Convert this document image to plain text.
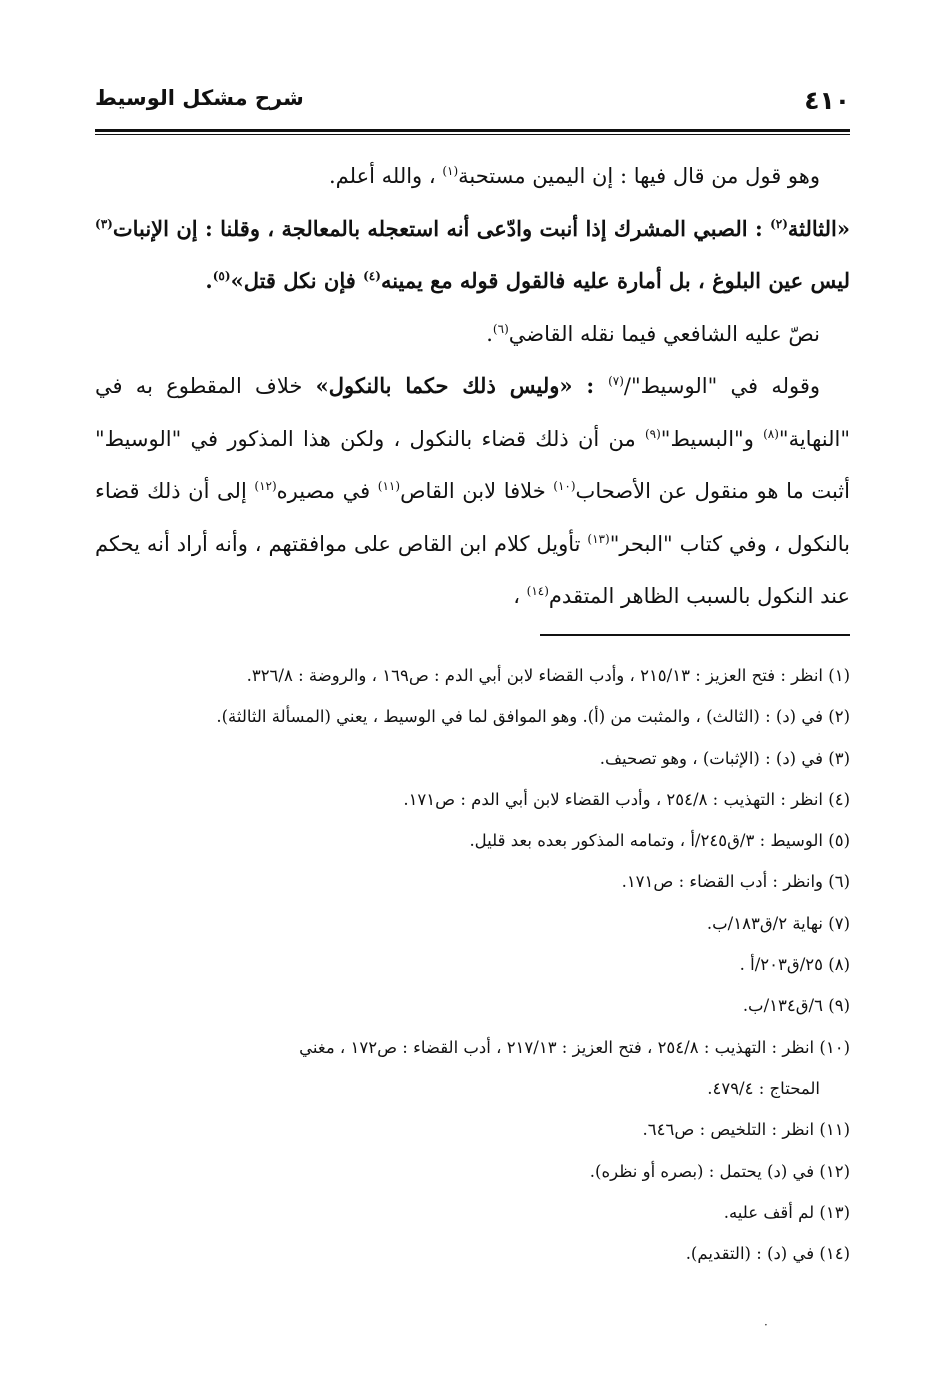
٤١٠
شرح مشكل الوسيط

وهو قول من قال فيها : إن اليمين مستحبة$^{(١)}$ ، والله أعلم.

«الثالثة$^{(٢)}$ : الصبي المشرك إذا أنبت وادّعى أنه استعجله بالمعالجة ، وقلنا : إن الإنبات$^{(٣)}$ ليس عين البلوغ ، بل أمارة عليه فالقول قوله مع يمينه$^{(٤)}$ فإن نكل قتل»$^{(٥)}$.

نصّ عليه الشافعي فيما نقله القاضي$^{(٦)}$.

وقوله في "الوسيط"/$^{(٧)}$ : «وليس ذلك حكما بالنكول» خلاف المقطوع به في "النهاية"$^{(٨)}$ و"البسيط"$^{(٩)}$ من أن ذلك قضاء بالنكول ، ولكن هذا المذكور في "الوسيط" أثبت ما هو منقول عن الأصحاب$^{(١٠)}$ خلافا لابن القاص$^{(١١)}$ في مصيره$^{(١٢)}$ إلى أن ذلك قضاء بالنكول ، وفي كتاب "البحر"$^{(١٣)}$ تأويل كلام ابن القاص على موافقتهم ، وأنه أراد أنه يحكم عند النكول بالسبب الظاهر المتقدم$^{(١٤)}$ ،

(١) انظر : فتح العزيز : ٢١٥/١٣ ، وأدب القضاء لابن أبي الدم : ص١٦٩ ، والروضة : ٣٢٦/٨.

(٢) في (د) : (الثالث) ، والمثبت من (أ). وهو الموافق لما في الوسيط ، يعني (المسألة الثالثة).

(٣) في (د) : (الإثبات) ، وهو تصحيف.

(٤) انظر : التهذيب : ٢٥٤/٨ ، وأدب القضاء لابن أبي الدم : ص١٧١.

(٥) الوسيط : ٣/ق٢٤٥/أ ، وتمامه المذكور بعده بعد قليل.

(٦) وانظر : أدب القضاء : ص١٧١.

(٧) نهاية ٢/ق١٨٣/ب.

(٨) ٢٥/ق٢٠٣/أ .

(٩) ٦/ق١٣٤/ب.

(١٠) انظر : التهذيب : ٢٥٤/٨ ، فتح العزيز : ٢١٧/١٣ ، أدب القضاء : ص١٧٢ ، مغني

المحتاج : ٤٧٩/٤.

(١١) انظر : التلخيص : ص٦٤٦.

(١٢) في (د) يحتمل : (بصره أو نظره).

(١٣) لم أقف عليه.

(١٤) في (د) : (التقديم).

·
